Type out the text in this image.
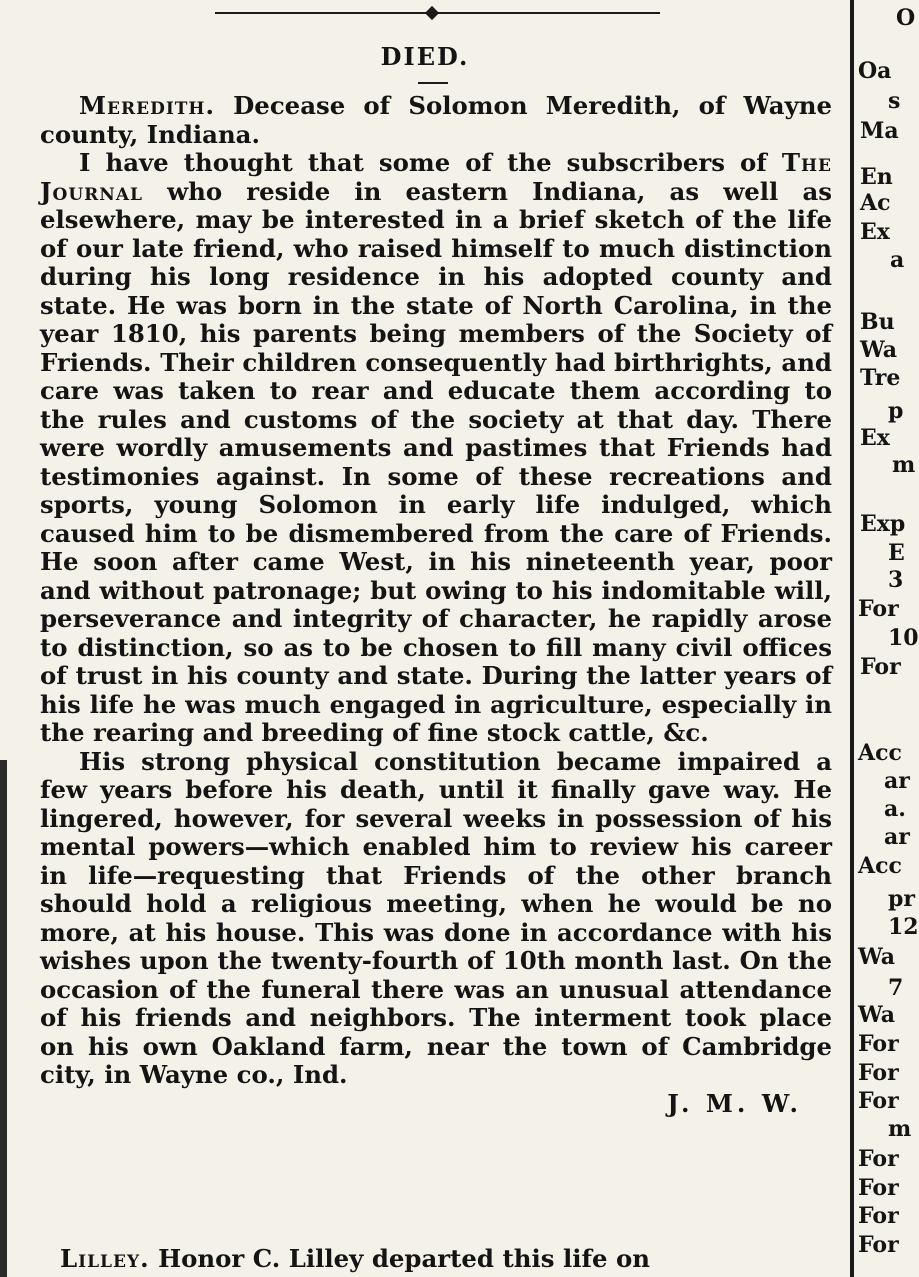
DIED.

Meredith. Decease of Solomon Meredith, of Wayne county, Indiana.

I have thought that some of the subscribers of The Journal who reside in eastern Indiana, as well as elsewhere, may be interested in a brief sketch of the life of our late friend, who raised himself to much distinction during his long residence in his adopted county and state. He was born in the state of North Carolina, in the year 1810, his parents being members of the Society of Friends. Their children consequently had birthrights, and care was taken to rear and educate them according to the rules and customs of the society at that day. There were wordly amusements and pastimes that Friends had testimonies against. In some of these recreations and sports, young Solomon in early life indulged, which caused him to be dismembered from the care of Friends. He soon after came West, in his nineteenth year, poor and without patronage; but owing to his indomitable will, perseverance and integrity of character, he rapidly arose to distinction, so as to be chosen to fill many civil offices of trust in his county and state. During the latter years of his life he was much engaged in agriculture, especially in the rearing and breeding of fine stock cattle, &c.

His strong physical constitution became impaired a few years before his death, until it finally gave way. He lingered, however, for several weeks in possession of his mental powers—which enabled him to review his career in life—requesting that Friends of the other branch should hold a religious meeting, when he would be no more, at his house. This was done in accordance with his wishes upon the twenty-fourth of 10th month last. On the occasion of the funeral there was an unusual attendance of his friends and neighbors. The interment took place on his own Oakland farm, near the town of Cambridge city, in Wayne co., Ind.

J. M. W.
Lilley. Honor C. Lilley departed this life on
O
Oa
s
Ma
En
Ac
Ex
a
Bu
Wa
Tre
p
Ex
m
Exp
E
3
For
10
For
Acc
ar
a.
ar
Acc
pr
12
Wa
7
Wa
For
For
For
m
For
For
For
For
